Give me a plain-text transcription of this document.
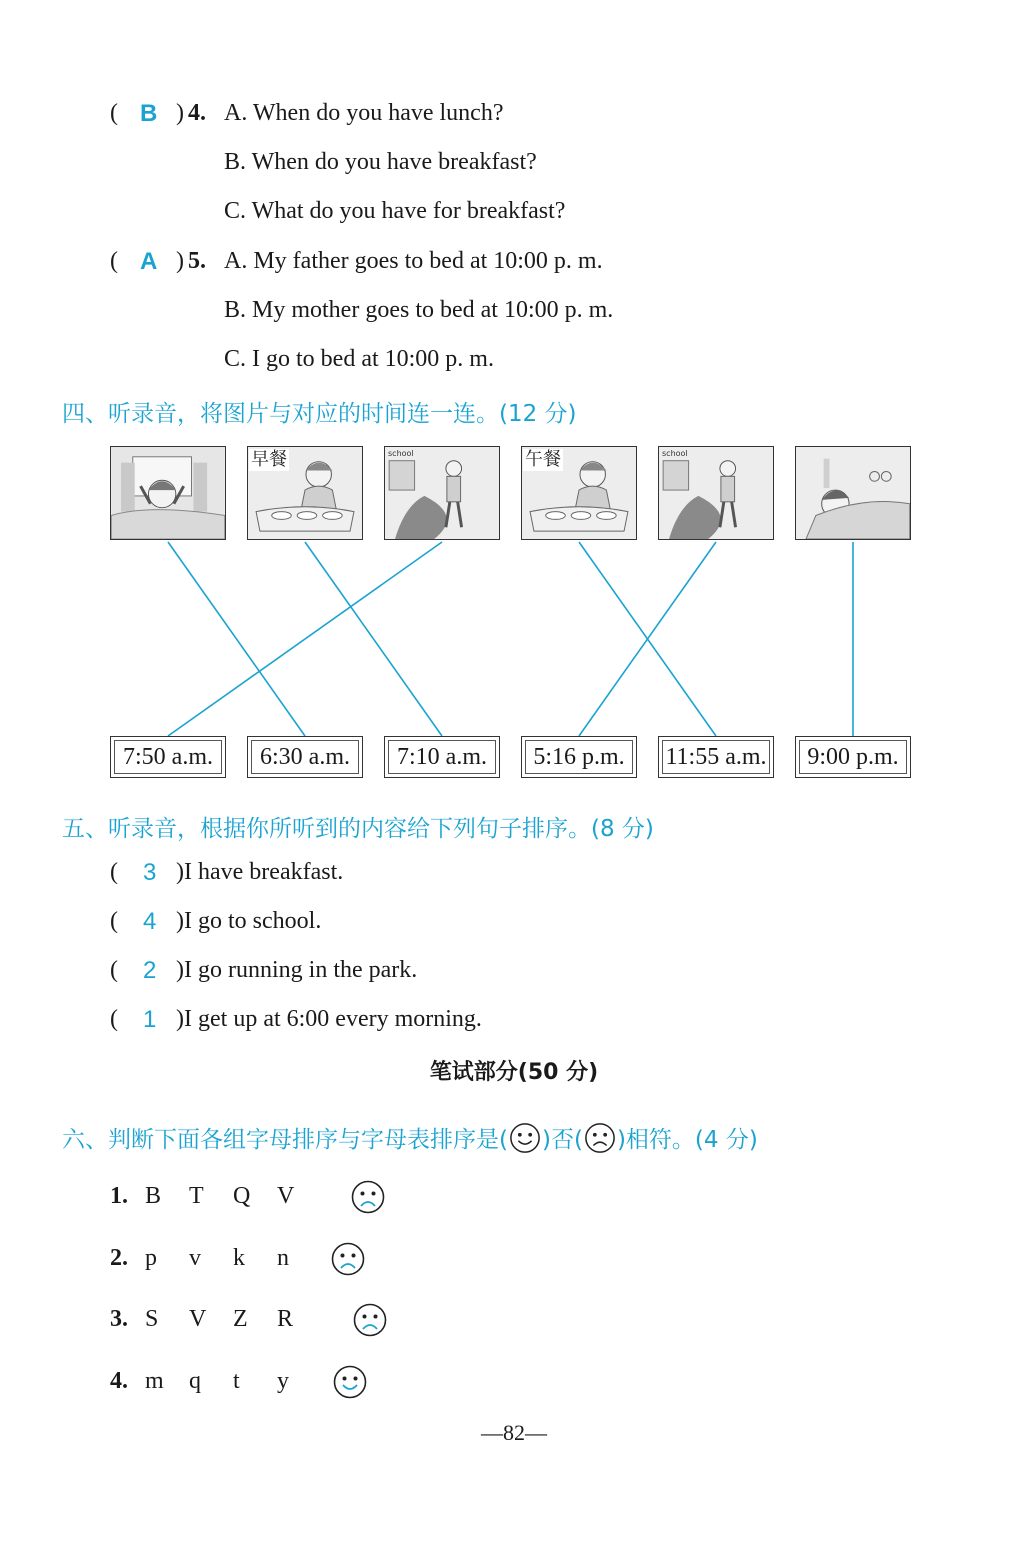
( B ) 4. A. When do you have lunch?
B. When do you have breakfast?
C. What do you have for breakfast?
( A ) 5. A. My father goes to bed at 10:00 p. m.
B. My mother goes to bed at 10:00 p. m.
C. I go to bed at 10:00 p. m.
四、听录音，将图片与对应的时间连一连。(12 分)
早餐	school	午餐	school
7:50 a.m.	6:30 a.m.	7:10 a.m.	5:16 p.m.	11:55 a.m.	9:00 p.m.
五、听录音，根据你所听到的内容给下列句子排序。(8 分)
( 3 )I have breakfast.
( 4 )I go to school.
( 2 )I go running in the park.
( 1 )I get up at 6:00 every morning.
笔试部分(50 分)
六、判断下面各组字母排序与字母表排序是( )否( )相符。(4 分)
1. B T Q V
2. p v k n
3. S V Z R
4. m q t y
—82—
